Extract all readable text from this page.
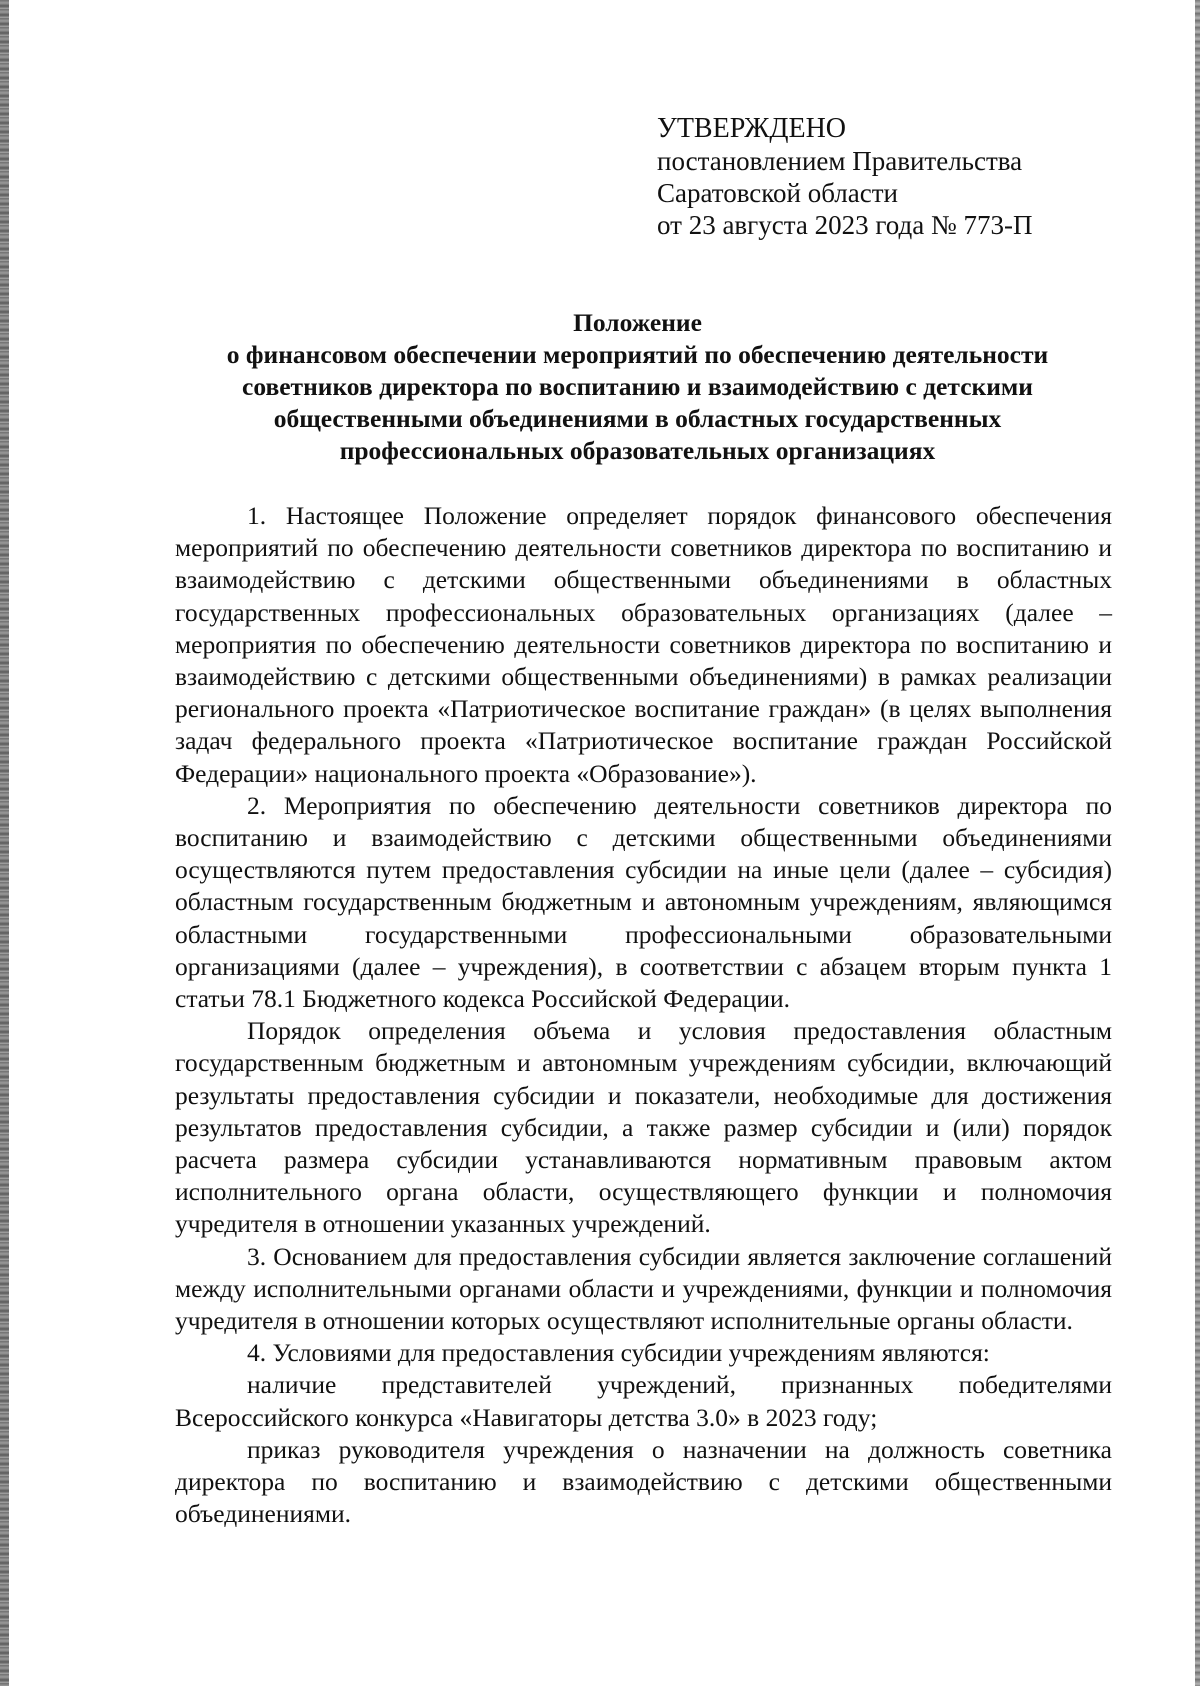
УТВЕРЖДЕНО
постановлением Правительства
Саратовской области
от 23 августа 2023 года № 773-П
Положение
о финансовом обеспечении мероприятий по обеспечению деятельности
советников директора по воспитанию и взаимодействию с детскими
общественными объединениями в областных государственных
профессиональных образовательных организациях

1. Настоящее Положение определяет порядок финансового обеспечения мероприятий по обеспечению деятельности советников директора по воспитанию и взаимодействию с детскими общественными объединениями в областных государственных профессиональных образовательных организациях (далее – мероприятия по обеспечению деятельности советников директора по воспитанию и взаимодействию с детскими общественными объединениями) в рамках реализации регионального проекта «Патриотическое воспитание граждан» (в целях выполнения задач федерального проекта «Патриотическое воспитание граждан Российской Федерации» национального проекта «Образование»).

2. Мероприятия по обеспечению деятельности советников директора по воспитанию и взаимодействию с детскими общественными объединениями осуществляются путем предоставления субсидии на иные цели (далее – субсидия) областным государственным бюджетным и автономным учреждениям, являющимся областными государственными профессиональными образовательными организациями (далее – учреждения), в соответствии с абзацем вторым пункта 1 статьи 78.1 Бюджетного кодекса Российской Федерации.

Порядок определения объема и условия предоставления областным государственным бюджетным и автономным учреждениям субсидии, включающий результаты предоставления субсидии и показатели, необходимые для достижения результатов предоставления субсидии, а также размер субсидии и (или) порядок расчета размера субсидии устанавливаются нормативным правовым актом исполнительного органа области, осуществляющего функции и полномочия учредителя в отношении указанных учреждений.

3. Основанием для предоставления субсидии является заключение соглашений между исполнительными органами области и учреждениями, функции и полномочия учредителя в отношении которых осуществляют исполнительные органы области.

4. Условиями для предоставления субсидии учреждениям являются:

наличие представителей учреждений, признанных победителями Всероссийского конкурса «Навигаторы детства 3.0» в 2023 году;

приказ руководителя учреждения о назначении на должность советника директора по воспитанию и взаимодействию с детскими общественными объединениями.
